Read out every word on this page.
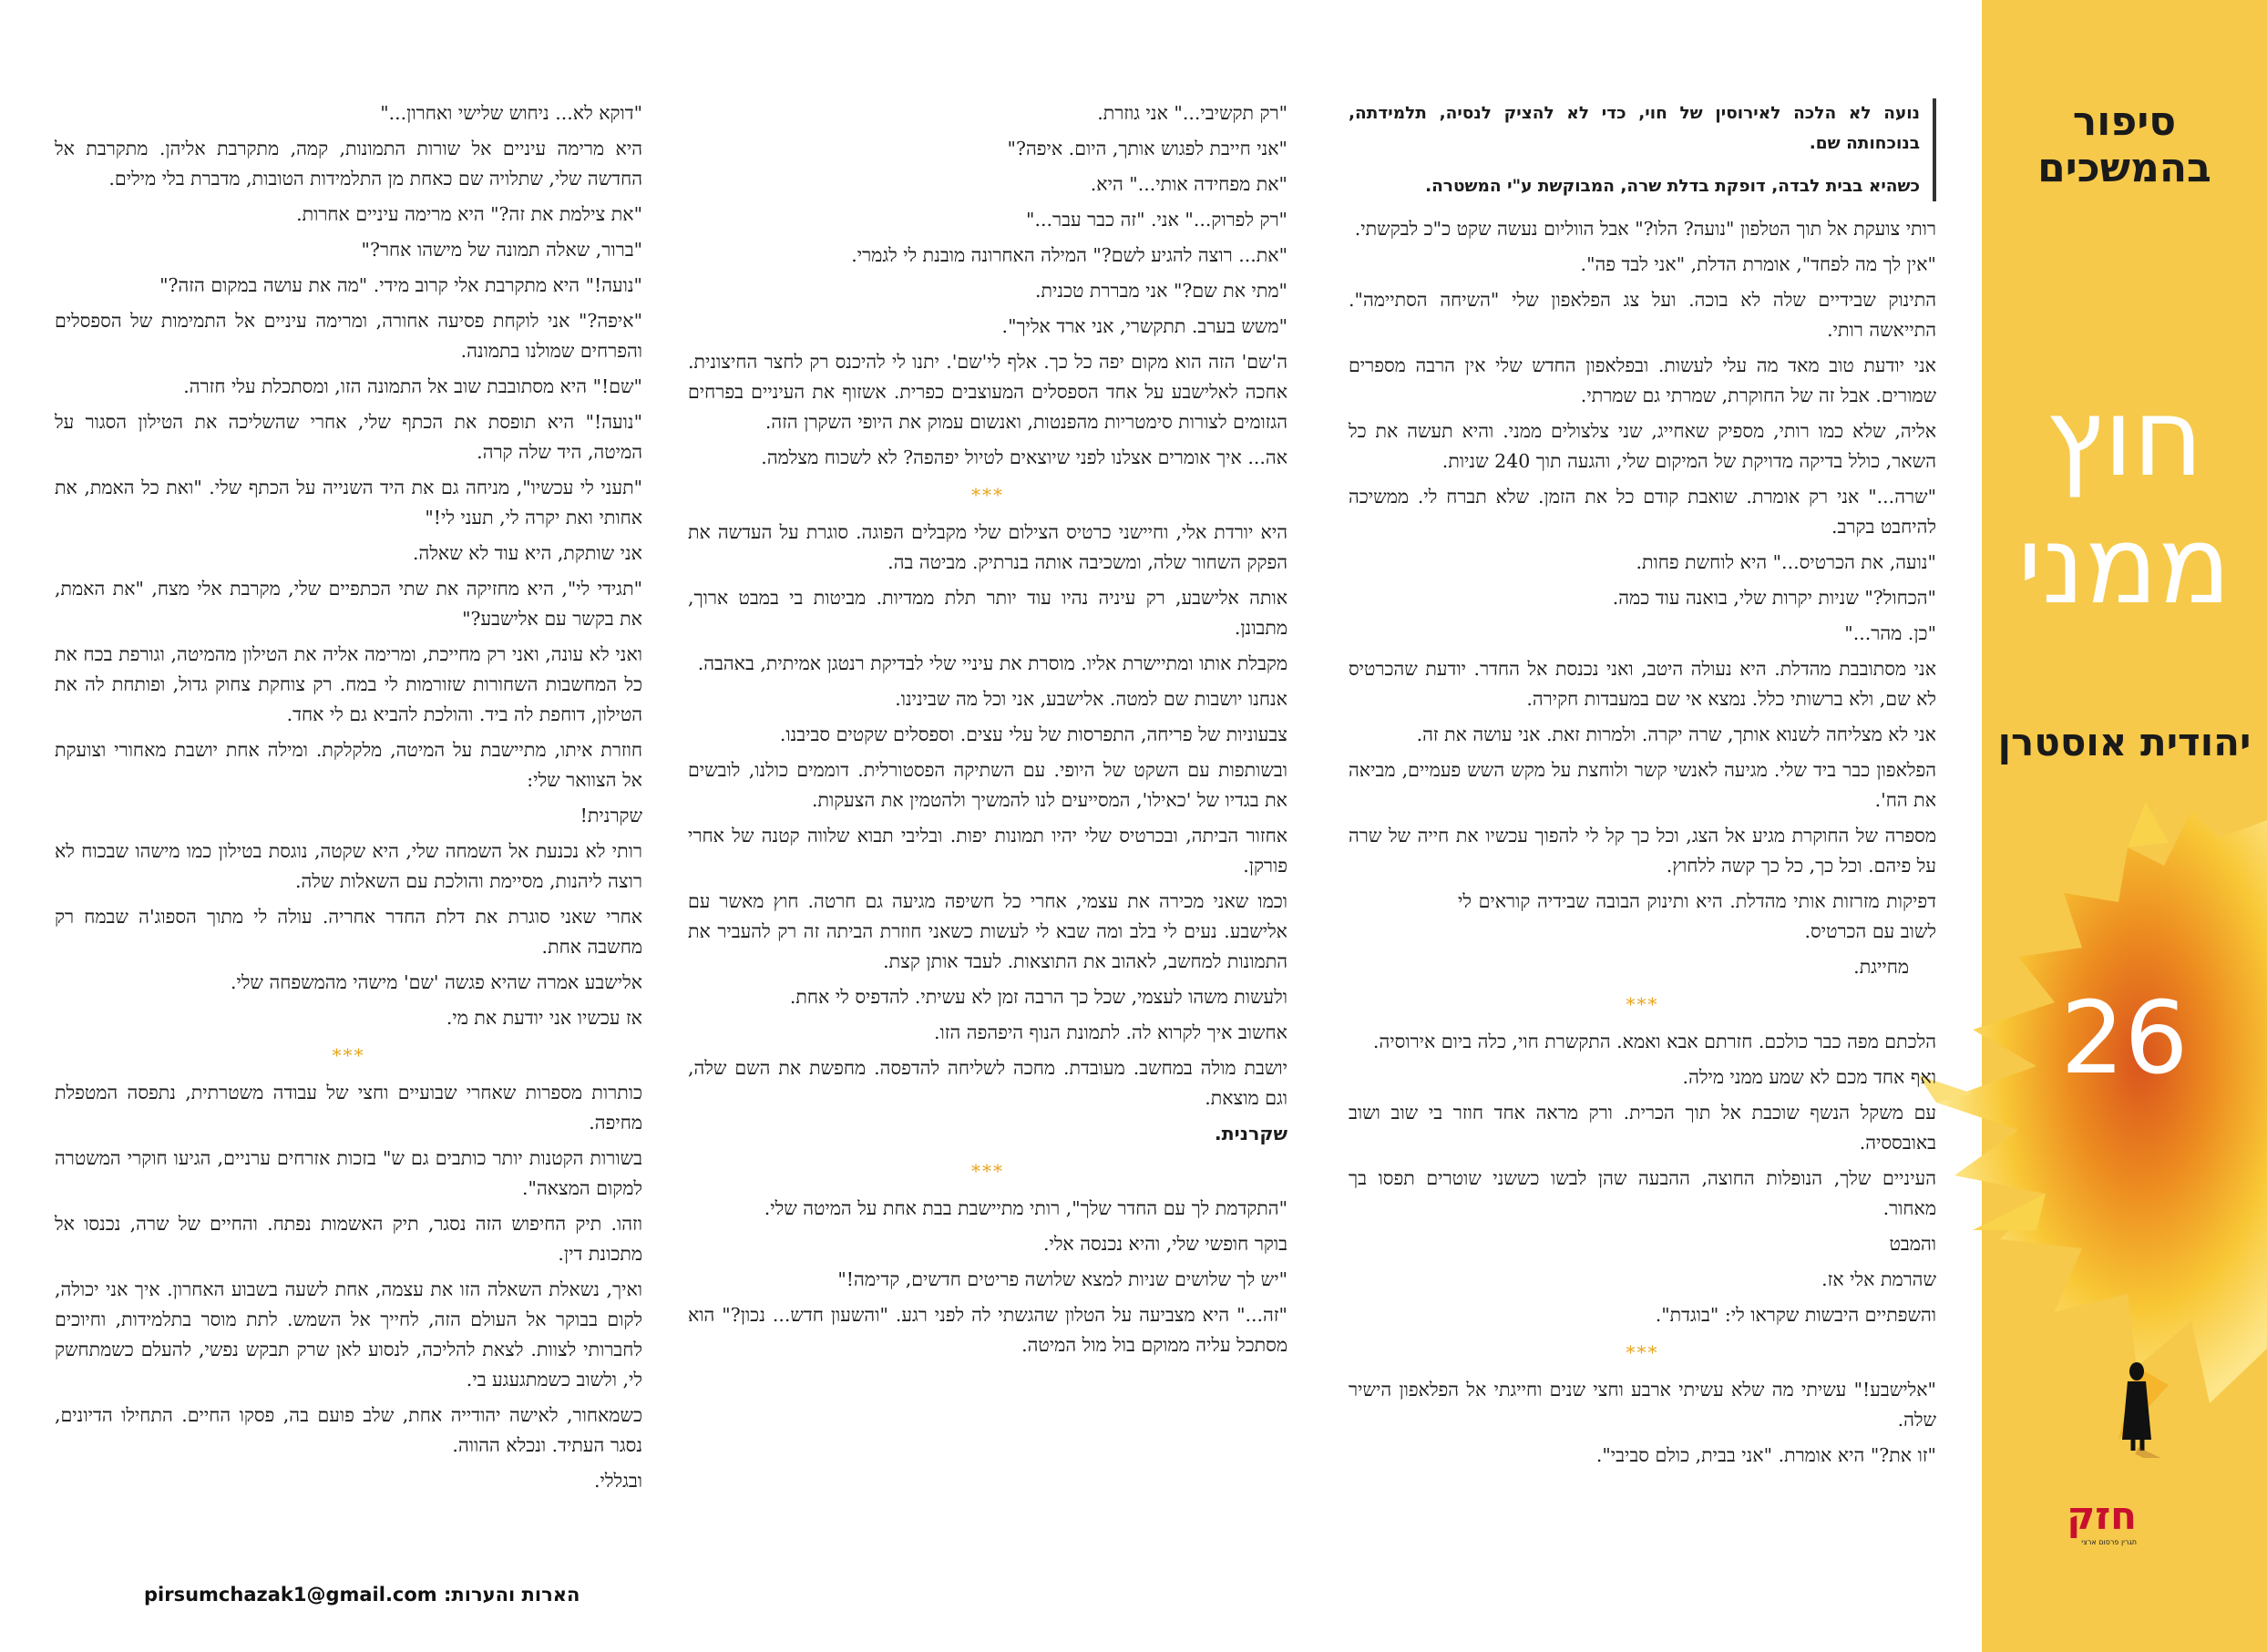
סיפור בהמשכים
חוץ
ממני
יהודית אוסטרן
26
חזק
תגרין פרסום ארצי

נועה לא הלכה לאירוסין של חוי, כדי לא להציק לנסיה, תלמידתה, בנוכחותה שם.

כשהיא בבית לבדה, דופקת בדלת שרה, המבוקשת ע"י המשטרה.

רותי צועקת אל תוך הטלפון "נועה? הלו?" אבל הווליום נעשה שקט כ"כ לבקשתי.

"אין לך מה לפחד", אומרת הדלת, "אני לבד פה".

התינוק שבידיים שלה לא בוכה. ועל צג הפלאפון שלי "השיחה הסתיימה". התייאשה רותי.

אני יודעת טוב מאד מה עלי לעשות. ובפלאפון החדש שלי אין הרבה מספרים שמורים. אבל זה של החוקרת, שמרתי גם שמרתי.

אליה, שלא כמו רותי, מספיק שאחייג, שני צלצולים ממני. והיא תעשה את כל השאר, כולל בדיקה מדויקת של המיקום שלי, והגעה תוך 240 שניות.

"שרה..." אני רק אומרת. שואבת קודם כל את הזמן. שלא תברח לי. ממשיכה להיחבט בקרב.

"נועה, את הכרטיס..." היא לוחשת פחות.

"הכחול?" שניות יקרות שלי, בואנה עוד כמה.

"כן. מהר..."

אני מסתובבת מהדלת. היא נעולה היטב, ואני נכנסת אל החדר. יודעת שהכרטיס לא שם, ולא ברשותי כלל. נמצא אי שם במעבדות חקירה.

אני לא מצליחה לשנוא אותך, שרה יקרה. ולמרות זאת. אני עושה את זה.

הפלאפון כבר ביד שלי. מגיעה לאנשי קשר ולוחצת על מקש השש פעמיים, מביאה את הח'.

מספרה של החוקרת מגיע אל הצג, וכל כך קל לי להפוך עכשיו את חייה של שרה על פיהם. וכל כך, כל כך קשה ללחוץ.

דפיקות מזרזות אותי מהדלת. היא ותינוק הבובה שבידיה קוראים לי לשוב עם הכרטיס.

מחייגת.

***

הלכתם מפה כבר כולכם. חזרתם אבא ואמא. התקשרת חוי, כלה ביום אירוסיה.

ואף אחד מכם לא שמע ממני מילה.

עם משקל הנשף שוכבת אל תוך הכרית. ורק מראה אחד חוזר בי שוב ושוב באובססיה.

העיניים שלך, הנופלות החוצה, ההבעה שהן לבשו כששני שוטרים תפסו בך מאחור.

והמבט

שהרמת אלי אז.

והשפתיים היבשות שקראו לי: "בוגדת".

***

"אלישבע!" עשיתי מה שלא עשיתי ארבע וחצי שנים וחייגתי אל הפלאפון הישיר שלה.

"זו את?" היא אומרת. "אני בבית, כולם סביבי".

"רק תקשיבי..." אני גוזרת.

"אני חייבת לפגוש אותך, היום. איפה?"

"את מפחידה אותי..." היא.

"רק לפרוק..." אני. "זה כבר עבר..."

"את... רוצה להגיע לשם?" המילה האחרונה מובנת לי לגמרי.

"מתי את שם?" אני מבררת טכנית.

"משש בערב. תתקשרי, אני ארד אליך".

ה'שם' הזה הוא מקום יפה כל כך. אלף לי'שם'. יתנו לי להיכנס רק לחצר החיצונית. אחכה לאלישבע על אחד הספסלים המעוצבים כפרית. אשזוף את העיניים בפרחים הגזומים לצורות סימטריות מהפנטות, ואנשום עמוק את היופי השקרן הזה.

אה... איך אומרים אצלנו לפני שיוצאים לטיול יפהפה? לא לשכוח מצלמה.

***

היא יורדת אלי, וחיישני כרטיס הצילום שלי מקבלים הפוגה. סוגרת על העדשה את הפקק השחור שלה, ומשכיבה אותה בנרתיק. מביטה בה.

אותה אלישבע, רק עיניה נהיו עוד יותר תלת ממדיות. מביטות בי במבט ארוך, מתבונן.

מקבלת אותו ומתיישרת אליו. מוסרת את עיניי שלי לבדיקת רנטגן אמיתית, באהבה.

אנחנו יושבות שם למטה. אלישבע, אני וכל מה שבינינו.

צבעוניות של פריחה, התפרסות של עלי עצים. וספסלים שקטים סביבנו.

ובשותפות עם השקט של היופי. עם השתיקה הפסטורלית. דוממים כולנו, לובשים את בגדיו של 'כאילו', המסייעים לנו להמשיך ולהטמין את הצעקות.

אחזור הביתה, ובכרטיס שלי יהיו תמונות יפות. ובליבי תבוא שלווה קטנה של אחרי פורקן.

וכמו שאני מכירה את עצמי, אחרי כל חשיפה מגיעה גם חרטה. חוץ מאשר עם אלישבע. נעים לי בלב ומה שבא לי לעשות כשאני חוזרת הביתה זה רק להעביר את התמונות למחשב, לאהוב את התוצאות. לעבד אותן קצת.

ולעשות משהו לעצמי, שכל כך הרבה זמן לא עשיתי. להדפיס לי אחת.

אחשוב איך לקרוא לה. לתמונת הנוף היפהפה הזו.

יושבת מולה במחשב. מעובדת. מחכה לשליחה להדפסה. מחפשת את השם שלה, וגם מוצאת.

שקרנית.

***

"התקדמת לך עם החדר שלך", רותי מתיישבת בבת אחת על המיטה שלי.

בוקר חופשי שלי, והיא נכנסה אלי.

"יש לך שלושים שניות למצא שלושה פריטים חדשים, קדימה!"

"זה..." היא מצביעה על הטלון שהגשתי לה לפני רגע. "והשעון חדש... נכון?" הוא מסתכל עליה ממוקם בול מול המיטה.

"דוקא לא... ניחוש שלישי ואחרון..."

היא מרימה עיניים אל שורות התמונות, קמה, מתקרבת אליהן. מתקרבת אל החדשה שלי, שתלויה שם כאחת מן התלמידות הטובות, מדברת בלי מילים.

"את צילמת את זה?" היא מרימה עיניים אחרות.

"ברור, שאלה תמונה של מישהו אחר?"

"נועה!" היא מתקרבת אלי קרוב מידי. "מה את עושה במקום הזה?"

"איפה?" אני לוקחת פסיעה אחורה, ומרימה עיניים אל התמימות של הספסלים והפרחים שמולנו בתמונה.

"שם!" היא מסתובבת שוב אל התמונה הזו, ומסתכלת עלי חזרה.

"נועה!" היא תופסת את הכתף שלי, אחרי שהשליכה את הטילון הסגור על המיטה, היד שלה קרה.

"תעני לי עכשיו", מניחה גם את היד השנייה על הכתף שלי. "ואת כל האמת, את אחותי ואת יקרה לי, תעני לי!"

אני שותקת, היא עוד לא שאלה.

"תגידי לי", היא מחזיקה את שתי הכתפיים שלי, מקרבת אלי מצח, "את האמת, את בקשר עם אלישבע?"

ואני לא עונה, ואני רק מחייכת, ומרימה אליה את הטילון מהמיטה, וגורפת בכח את כל המחשבות השחורות שזורמות לי במח. רק צוחקת צחוק גדול, ופותחת לה את הטילון, דוחפת לה ביד. והולכת להביא גם לי אחד.

חוזרת איתו, מתיישבת על המיטה, מלקלקת. ומילה אחת יושבת מאחורי וצועקת אל הצוואר שלי:

שקרנית!

רותי לא נכנעת אל השמחה שלי, היא שקטה, נוגסת בטילון כמו מישהו שבכוח לא רוצה ליהנות, מסיימת והולכת עם השאלות שלה.

אחרי שאני סוגרת את דלת החדר אחריה. עולה לי מתוך הספוג'ה שבמח רק מחשבה אחת.

אלישבע אמרה שהיא פגשה 'שם' מישהי מהמשפחה שלי.

אז עכשיו אני יודעת את מי.

***

כותרות מספרות שאחרי שבועיים וחצי של עבודה משטרתית, נתפסה המטפלת מחיפה.

בשורות הקטנות יותר כותבים גם ש" בזכות אזרחים ערניים, הגיעו חוקרי המשטרה למקום המצאה".

וזהו. תיק החיפוש הזה נסגר, תיק האשמות נפתח. והחיים של שרה, נכנסו אל מתכונת דין.

ואיך, נשאלת השאלה הזו את עצמה, אחת לשעה בשבוע האחרון. איך אני יכולה, לקום בבוקר אל העולם הזה, לחייך אל השמש. לתת מוסר בתלמידות, וחיוכים לחברותי לצוות. לצאת להליכה, לנסוע לאן שרק תבקש נפשי, להעלם כשמתחשק לי, ולשוב כשמתגעגע בי.

כשמאחור, לאישה יהודייה אחת, שלב פועם בה, פסקו החיים. התחילו הדיונים, נסגר העתיד. ונכלא ההווה.

ובגללי.

הארות והערות: pirsumchazak1@gmail.com
